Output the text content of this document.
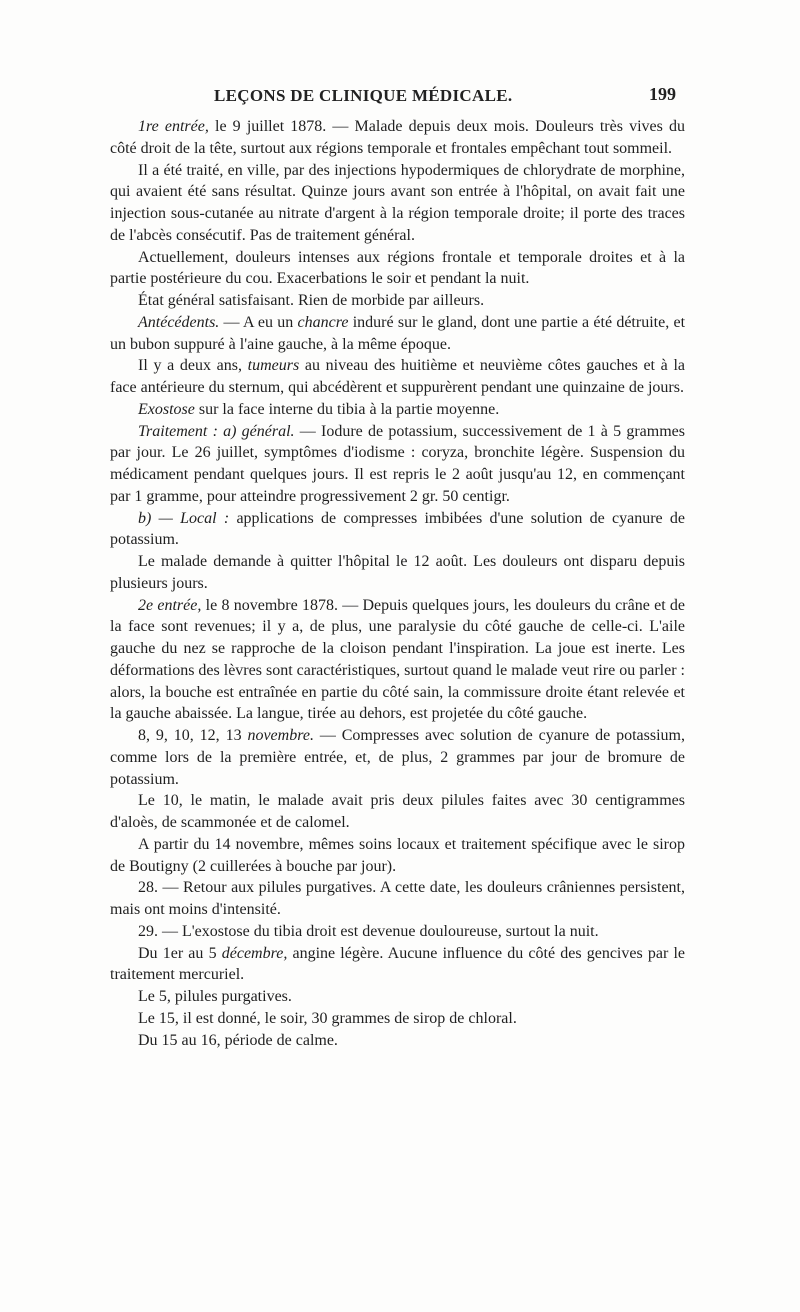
LEÇONS DE CLINIQUE MÉDICALE.	199

1re entrée, le 9 juillet 1878. — Malade depuis deux mois. Douleurs très vives du côté droit de la tête, surtout aux régions temporale et frontales empêchant tout sommeil.

Il a été traité, en ville, par des injections hypodermiques de chlorydrate de morphine, qui avaient été sans résultat. Quinze jours avant son entrée à l'hôpital, on avait fait une injection sous-cutanée au nitrate d'argent à la région temporale droite; il porte des traces de l'abcès consécutif. Pas de traitement général.

Actuellement, douleurs intenses aux régions frontale et temporale droites et à la partie postérieure du cou. Exacerbations le soir et pendant la nuit.

État général satisfaisant. Rien de morbide par ailleurs.

Antécédents. — A eu un chancre induré sur le gland, dont une partie a été détruite, et un bubon suppuré à l'aine gauche, à la même époque.

Il y a deux ans, tumeurs au niveau des huitième et neuvième côtes gauches et à la face antérieure du sternum, qui abcédèrent et suppurèrent pendant une quinzaine de jours.

Exostose sur la face interne du tibia à la partie moyenne.

Traitement : a) général. — Iodure de potassium, successivement de 1 à 5 grammes par jour. Le 26 juillet, symptômes d'iodisme : coryza, bronchite légère. Suspension du médicament pendant quelques jours. Il est repris le 2 août jusqu'au 12, en commençant par 1 gramme, pour atteindre progressivement 2 gr. 50 centigr.

b) — Local : applications de compresses imbibées d'une solution de cyanure de potassium.

Le malade demande à quitter l'hôpital le 12 août. Les douleurs ont disparu depuis plusieurs jours.

2e entrée, le 8 novembre 1878. — Depuis quelques jours, les douleurs du crâne et de la face sont revenues; il y a, de plus, une paralysie du côté gauche de celle-ci. L'aile gauche du nez se rapproche de la cloison pendant l'inspiration. La joue est inerte. Les déformations des lèvres sont caractéristiques, surtout quand le malade veut rire ou parler : alors, la bouche est entraînée en partie du côté sain, la commissure droite étant relevée et la gauche abaissée. La langue, tirée au dehors, est projetée du côté gauche.

8, 9, 10, 12, 13 novembre. — Compresses avec solution de cyanure de potassium, comme lors de la première entrée, et, de plus, 2 grammes par jour de bromure de potassium.

Le 10, le matin, le malade avait pris deux pilules faites avec 30 centigrammes d'aloès, de scammonée et de calomel.

A partir du 14 novembre, mêmes soins locaux et traitement spécifique avec le sirop de Boutigny (2 cuillerées à bouche par jour).

28. — Retour aux pilules purgatives. A cette date, les douleurs crâniennes persistent, mais ont moins d'intensité.

29. — L'exostose du tibia droit est devenue douloureuse, surtout la nuit.

Du 1er au 5 décembre, angine légère. Aucune influence du côté des gencives par le traitement mercuriel.

Le 5, pilules purgatives.

Le 15, il est donné, le soir, 30 grammes de sirop de chloral.

Du 15 au 16, période de calme.
